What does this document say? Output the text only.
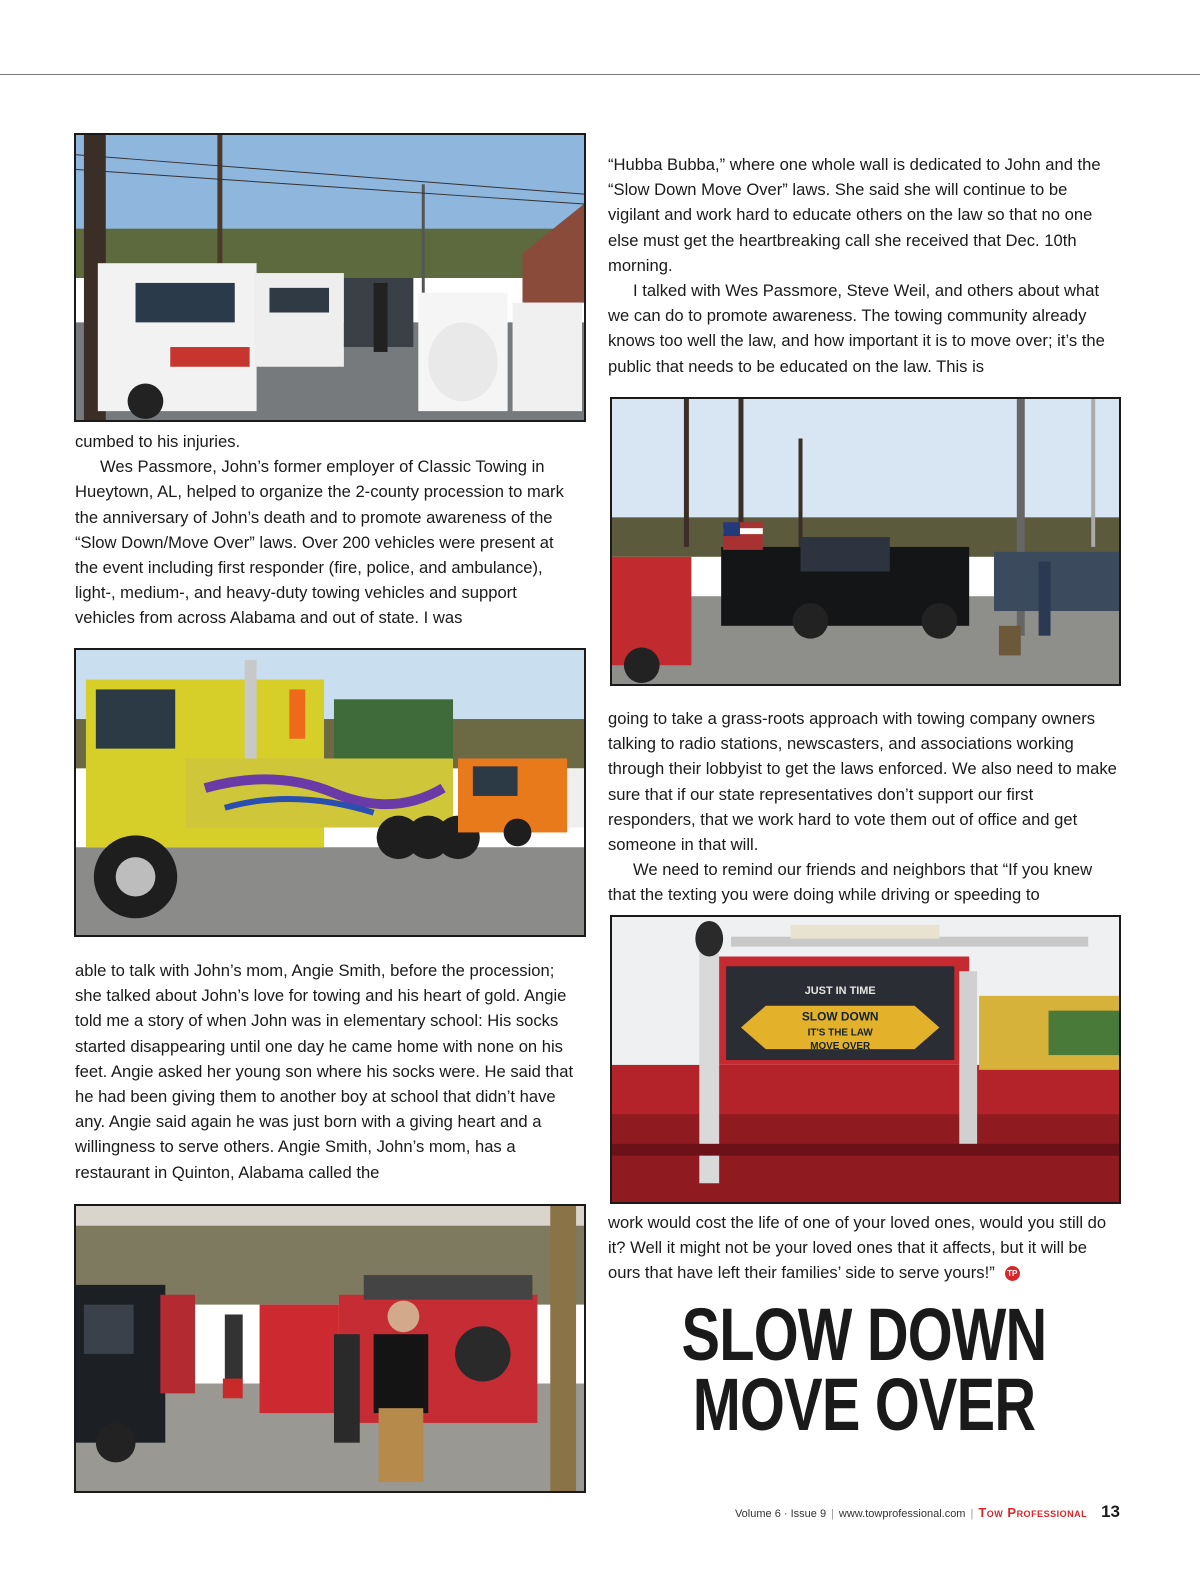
JUST IN TIME
SLOW DOWN
IT'S THE LAW
MOVE OVER

cumbed to his injuries.

Wes Passmore, John’s former employer of Classic Towing in Hueytown, AL, helped to organize the 2-county procession to mark the anniversary of John’s death and to promote awareness of the “Slow Down/Move Over” laws. Over 200 vehicles were present at the event including first responder (fire, police, and ambulance), light-, medium-, and heavy-duty towing vehicles and support vehicles from across Alabama and out of state. I was

able to talk with John’s mom, Angie Smith, before the procession; she talked about John’s love for towing and his heart of gold. Angie told me a story of when John was in elementary school: His socks started disappearing until one day he came home with none on his feet. Angie asked her young son where his socks were. He said that he had been giving them to another boy at school that didn’t have any. Angie said again he was just born with a giving heart and a willingness to serve others. Angie Smith, John’s mom, has a restaurant in Quinton, Alabama called the

“Hubba Bubba,” where one whole wall is dedicated to John and the “Slow Down Move Over” laws. She said she will continue to be vigilant and work hard to educate others on the law so that no one else must get the heartbreaking call she received that Dec. 10th morning.

I talked with Wes Passmore, Steve Weil, and others about what we can do to promote awareness. The towing community already knows too well the law, and how important it is to move over; it’s the public that needs to be educated on the law. This is

going to take a grass-roots approach with towing company owners talking to radio stations, newscasters, and associations working through their lobbyist to get the laws enforced. We also need to make sure that if our state representatives don’t support our first responders, that we work hard to vote them out of office and get someone in that will.

We need to remind our friends and neighbors that “If you knew that the texting you were doing while driving or speeding to

work would cost the life of one of your loved ones, would you still do it? Well it might not be your loved ones that it affects, but it will be ours that have left their families’ side to serve yours!” TP

SLOW DOWN
MOVE OVER
Volume 6 · Issue 9 | www.towprofessional.com | Tow Professional 13
